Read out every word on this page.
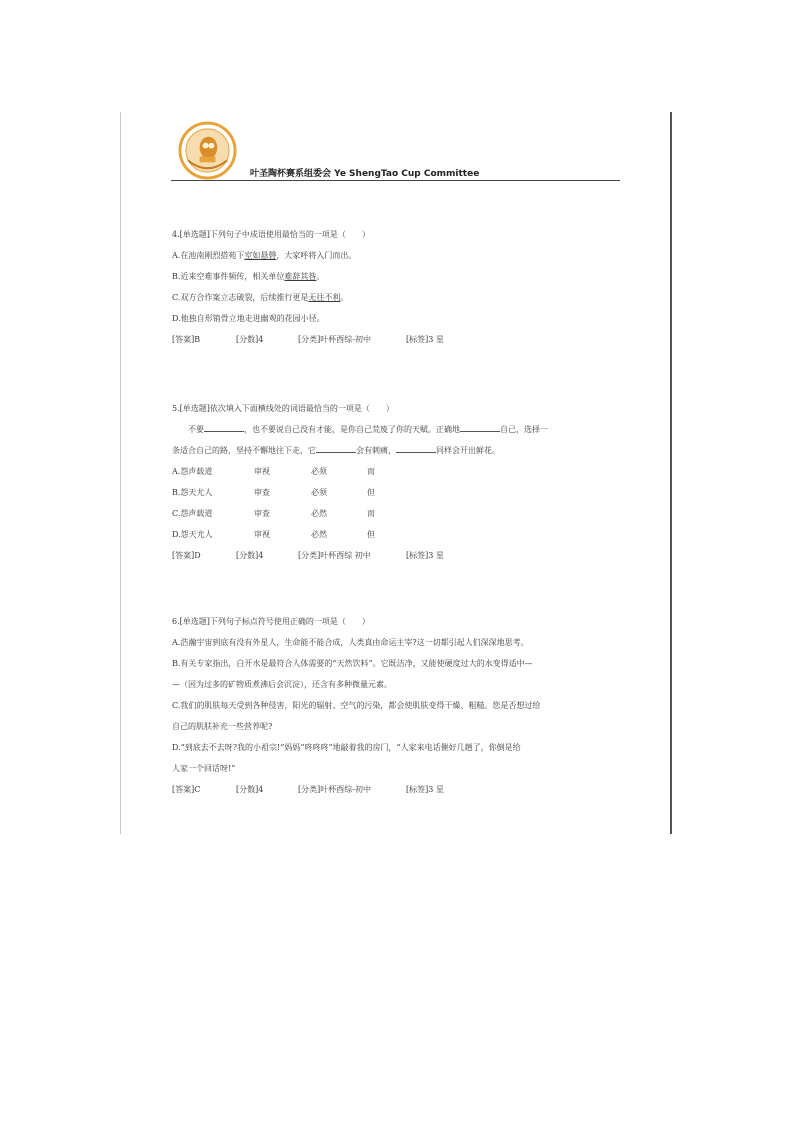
叶圣陶杯赛系组委会 Ye ShengTao Cup Committee
4.[单选题]下列句子中成语使用最恰当的一项是（　　）
A.在池南刚烈搭苑下室如悬磬，大家呼将入门而出。
B.近来空难事件频传，相关单位难辞其咎。
C.双方合作案立志破裂，后续推行更是无往不利。
D.他独自形销骨立地走进幽观的花园小径。
[答案]B	[分数]4	[分类]叶杯酉综-初中	[标签]3 星
5.[单选题]依次填入下面横线处的词语最恰当的一项是（　　）
不要	，也不要说自己没有才能，是你自己荒废了你的天赋。正确地	自己，选择一
条适合自己的路，坚持不懈地往下走，它	会有刺痛，	同样会开出鲜花。
A.怨声载道	审视	必须	而
B.怨天尤人	审查	必须	但
C.怨声载道	审查	必然	而
D.怨天尤人	审视	必然	但
[答案]D	[分数]4	[分类]叶杯酉综 初中	[标签]3 星
6.[单选题]下列句子标点符号使用正确的一项是（　　）
A.浩瀚宇宙到底有没有外星人，生命能不能合成，人类真由命运主宰?这一切都引起人们深深地思考。
B.有关专家指出，白开水是最符合人体需要的“天然饮料”。它既洁净，又能使硬度过大的水变得适中—
—（因为过多的矿物质煮沸后会沉淀），还含有多种微量元素。
C.我们的肌肤每天受到各种侵害，阳光的辐射、空气的污染，都会使肌肤变得干燥、粗糙。您是否想过给
自己的肌肤补充一些营养呢?
D.“到底去不去呀?我的小祖宗!”妈妈“咚咚咚”地敲着我的房门，“人家来电话催好几趟了，你倒是给
人家一个回话呀!”
[答案]C	[分数]4	[分类]叶杯酉综-初中	[标签]3 星
